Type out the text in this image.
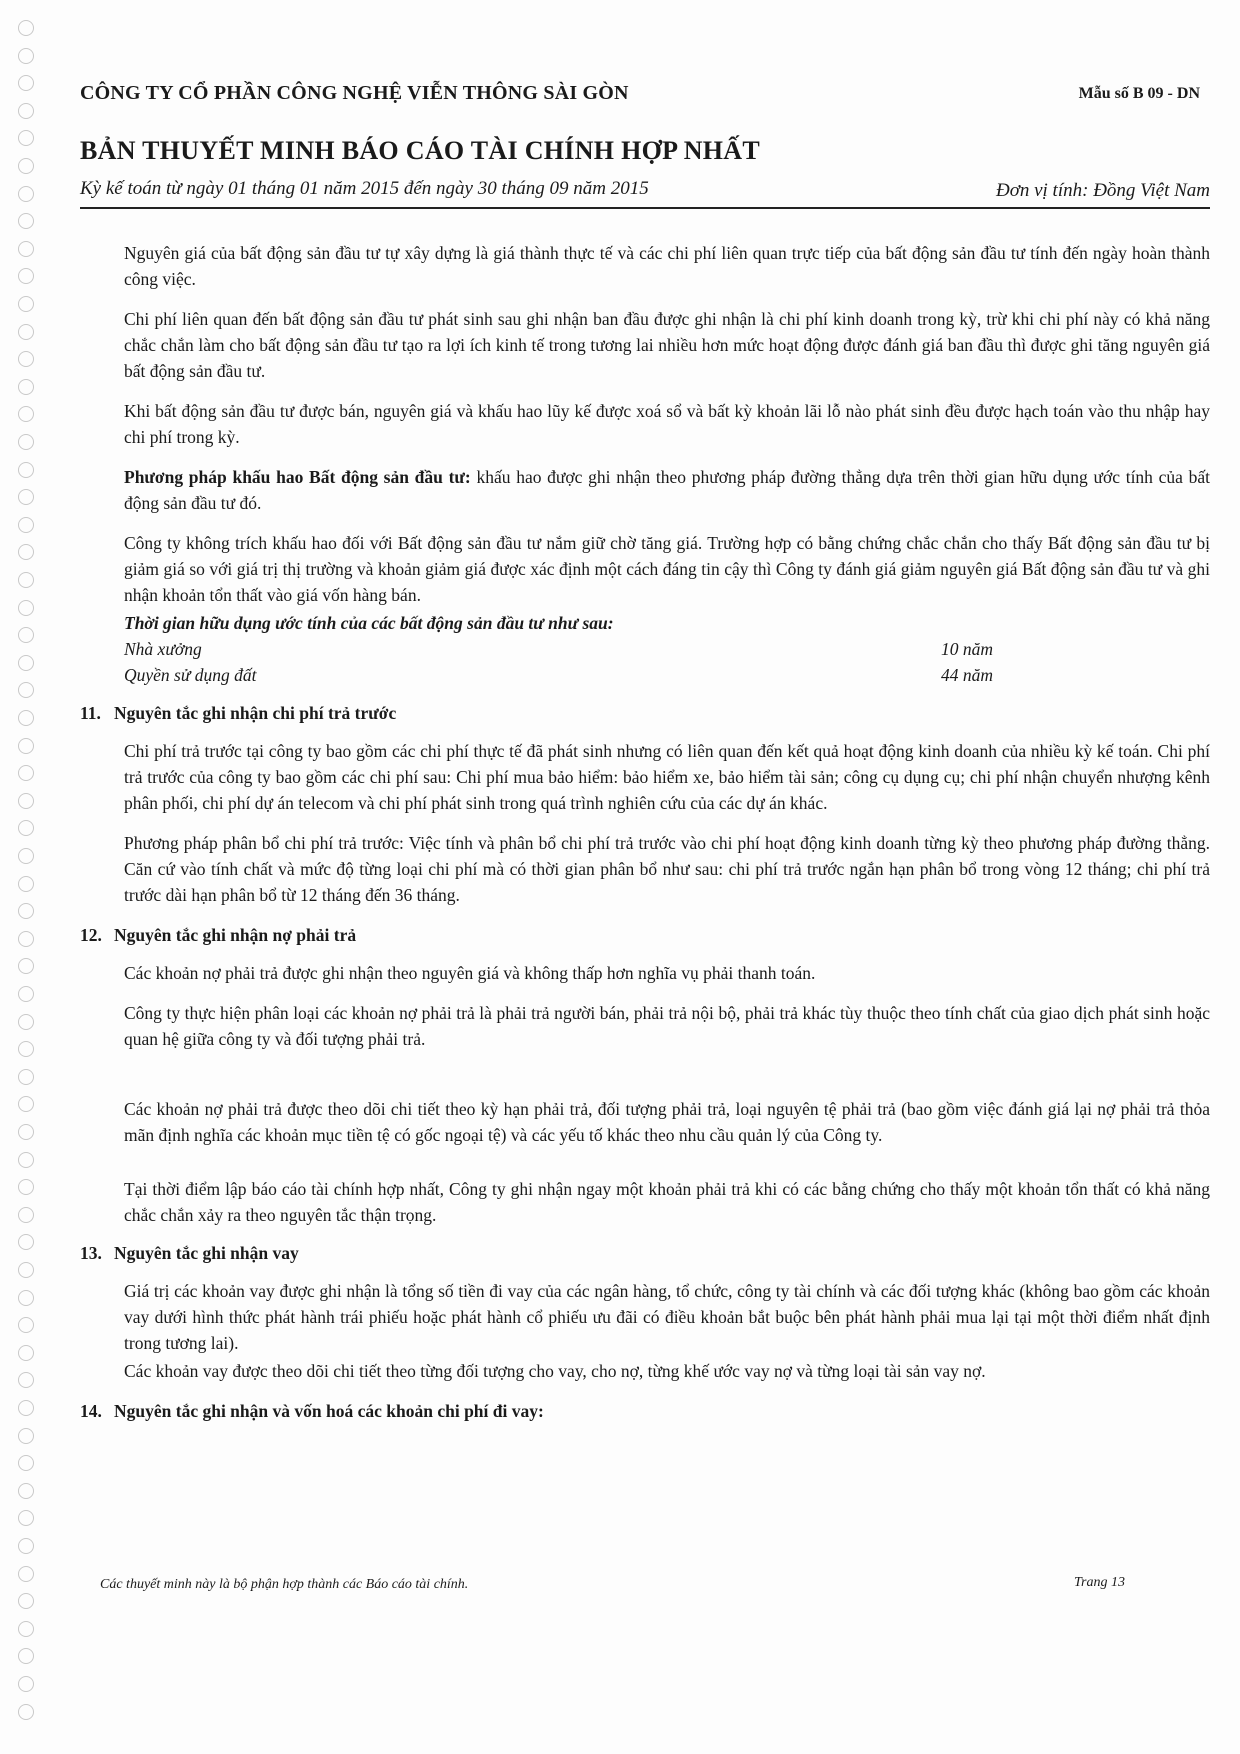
CÔNG TY CỔ PHẦN CÔNG NGHỆ VIỄN THÔNG SÀI GÒN	Mẫu số B 09 - DN
BẢN THUYẾT MINH BÁO CÁO TÀI CHÍNH HỢP NHẤT
Kỳ kế toán từ ngày 01 tháng 01 năm 2015 đến ngày 30 tháng 09 năm 2015	Đơn vị tính: Đồng Việt Nam

Nguyên giá của bất động sản đầu tư tự xây dựng là giá thành thực tế và các chi phí liên quan trực tiếp của bất động sản đầu tư tính đến ngày hoàn thành công việc.

Chi phí liên quan đến bất động sản đầu tư phát sinh sau ghi nhận ban đầu được ghi nhận là chi phí kinh doanh trong kỳ, trừ khi chi phí này có khả năng chắc chắn làm cho bất động sản đầu tư tạo ra lợi ích kinh tế trong tương lai nhiều hơn mức hoạt động được đánh giá ban đầu thì được ghi tăng nguyên giá bất động sản đầu tư.

Khi bất động sản đầu tư được bán, nguyên giá và khấu hao lũy kế được xoá sổ và bất kỳ khoản lãi lỗ nào phát sinh đều được hạch toán vào thu nhập hay chi phí trong kỳ.

Phương pháp khấu hao Bất động sản đầu tư: khấu hao được ghi nhận theo phương pháp đường thẳng dựa trên thời gian hữu dụng ước tính của bất động sản đầu tư đó.

Công ty không trích khấu hao đối với Bất động sản đầu tư nắm giữ chờ tăng giá. Trường hợp có bằng chứng chắc chắn cho thấy Bất động sản đầu tư bị giảm giá so với giá trị thị trường và khoản giảm giá được xác định một cách đáng tin cậy thì Công ty đánh giá giảm nguyên giá Bất động sản đầu tư và ghi nhận khoản tổn thất vào giá vốn hàng bán.

Thời gian hữu dụng ước tính của các bất động sản đầu tư như sau:
Nhà xưởng	10 năm
Quyền sử dụng đất	44 năm
11. Nguyên tắc ghi nhận chi phí trả trước

Chi phí trả trước tại công ty bao gồm các chi phí thực tế đã phát sinh nhưng có liên quan đến kết quả hoạt động kinh doanh của nhiều kỳ kế toán. Chi phí trả trước của công ty bao gồm các chi phí sau: Chi phí mua bảo hiểm: bảo hiểm xe, bảo hiểm tài sản; công cụ dụng cụ; chi phí nhận chuyển nhượng kênh phân phối, chi phí dự án telecom và chi phí phát sinh trong quá trình nghiên cứu của các dự án khác.

Phương pháp phân bổ chi phí trả trước: Việc tính và phân bổ chi phí trả trước vào chi phí hoạt động kinh doanh từng kỳ theo phương pháp đường thẳng. Căn cứ vào tính chất và mức độ từng loại chi phí mà có thời gian phân bổ như sau: chi phí trả trước ngắn hạn phân bổ trong vòng 12 tháng; chi phí trả trước dài hạn phân bổ từ 12 tháng đến 36 tháng.

12. Nguyên tắc ghi nhận nợ phải trả

Các khoản nợ phải trả được ghi nhận theo nguyên giá và không thấp hơn nghĩa vụ phải thanh toán.

Công ty thực hiện phân loại các khoản nợ phải trả là phải trả người bán, phải trả nội bộ, phải trả khác tùy thuộc theo tính chất của giao dịch phát sinh hoặc quan hệ giữa công ty và đối tượng phải trả.

Các khoản nợ phải trả được theo dõi chi tiết theo kỳ hạn phải trả, đối tượng phải trả, loại nguyên tệ phải trả (bao gồm việc đánh giá lại nợ phải trả thỏa mãn định nghĩa các khoản mục tiền tệ có gốc ngoại tệ) và các yếu tố khác theo nhu cầu quản lý của Công ty.

Tại thời điểm lập báo cáo tài chính hợp nhất, Công ty ghi nhận ngay một khoản phải trả khi có các bằng chứng cho thấy một khoản tổn thất có khả năng chắc chắn xảy ra theo nguyên tắc thận trọng.

13. Nguyên tắc ghi nhận vay

Giá trị các khoản vay được ghi nhận là tổng số tiền đi vay của các ngân hàng, tổ chức, công ty tài chính và các đối tượng khác (không bao gồm các khoản vay dưới hình thức phát hành trái phiếu hoặc phát hành cổ phiếu ưu đãi có điều khoản bắt buộc bên phát hành phải mua lại tại một thời điểm nhất định trong tương lai).

Các khoản vay được theo dõi chi tiết theo từng đối tượng cho vay, cho nợ, từng khế ước vay nợ và từng loại tài sản vay nợ.

14. Nguyên tắc ghi nhận và vốn hoá các khoản chi phí đi vay:
Các thuyết minh này là bộ phận hợp thành các Báo cáo tài chính.	Trang 13
